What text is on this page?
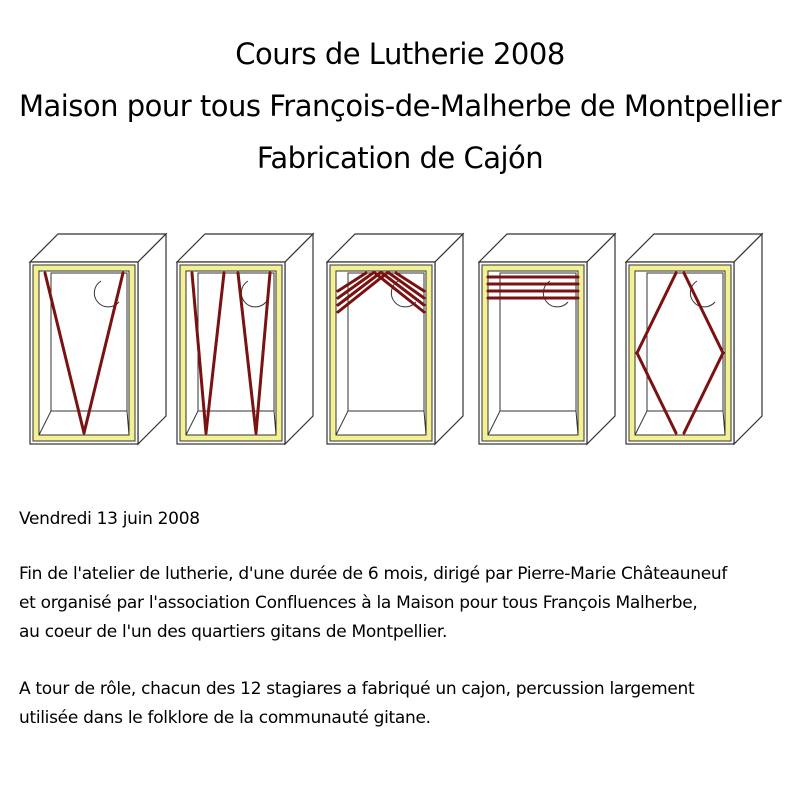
Cours de Lutherie 2008
Maison pour tous François-de-Malherbe de Montpellier
Fabrication de Cajón

Vendredi 13 juin 2008

Fin de l'atelier de lutherie, d'une durée de 6 mois, dirigé par Pierre-Marie Châteauneuf

et organisé par l'association Confluences à la Maison pour tous François Malherbe,

au coeur de l'un des quartiers gitans de Montpellier.

A tour de rôle, chacun des 12 stagiares a fabriqué un cajon, percussion largement

utilisée dans le folklore de la communauté gitane.
